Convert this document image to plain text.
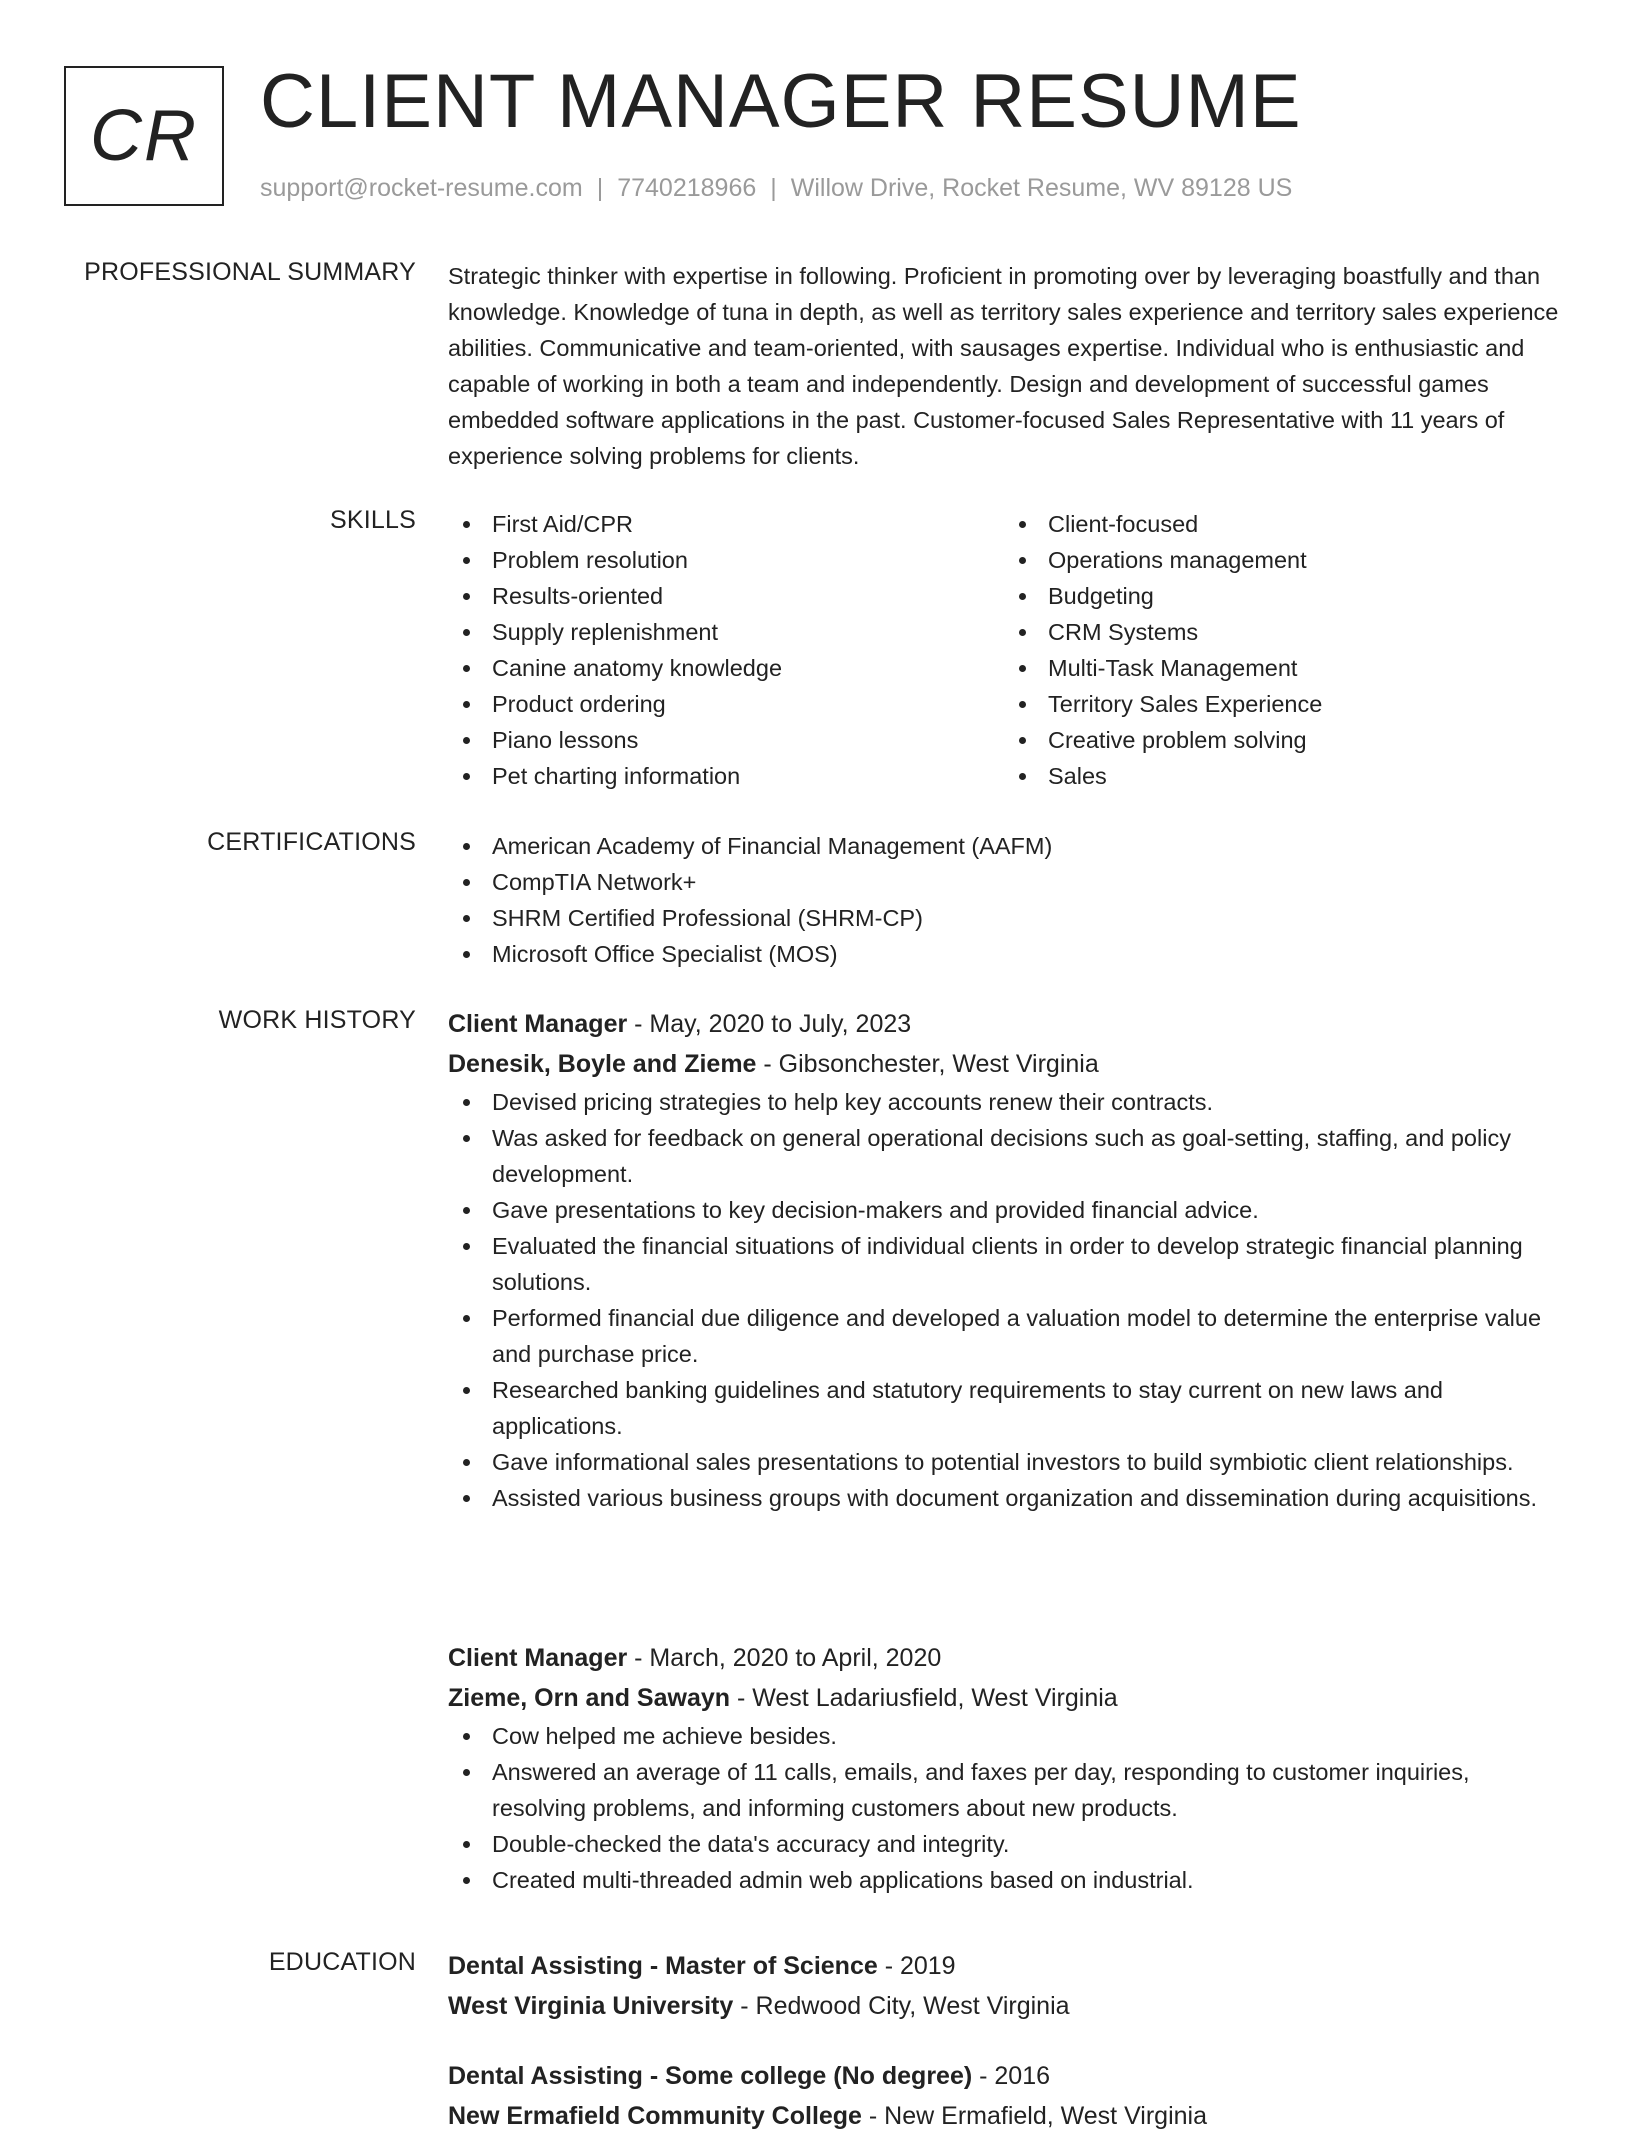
CR CLIENT MANAGER RESUME
support@rocket-resume.com | 7740218966 | Willow Drive, Rocket Resume, WV 89128 US
PROFESSIONAL SUMMARY Strategic thinker with expertise in following. Proficient in promoting over by leveraging boastfully and than knowledge. Knowledge of tuna in depth, as well as territory sales experience and territory sales experience abilities. Communicative and team-oriented, with sausages expertise. Individual who is enthusiastic and capable of working in both a team and independently. Design and development of successful games embedded software applications in the past. Customer-focused Sales Representative with 11 years of experience solving problems for clients.
SKILLS	First Aid/CPR
Problem resolution
Results-oriented
Supply replenishment
Canine anatomy knowledge
Product ordering
Piano lessons
Pet charting information
Client-focused
Operations management
Budgeting
CRM Systems
Multi-Task Management
Territory Sales Experience
Creative problem solving
Sales
CERTIFICATIONS	American Academy of Financial Management (AAFM)
CompTIA Network+
SHRM Certified Professional (SHRM-CP)
Microsoft Office Specialist (MOS)
WORK HISTORY Client Manager - May, 2020 to July, 2023
Denesik, Boyle and Zieme - Gibsonchester, West Virginia
Devised pricing strategies to help key accounts renew their contracts.
Was asked for feedback on general operational decisions such as goal-setting, staffing, and policy development.
Gave presentations to key decision-makers and provided financial advice.
Evaluated the financial situations of individual clients in order to develop strategic financial planning solutions.
Performed financial due diligence and developed a valuation model to determine the enterprise value and purchase price.
Researched banking guidelines and statutory requirements to stay current on new laws and applications.
Gave informational sales presentations to potential investors to build symbiotic client relationships.
Assisted various business groups with document organization and dissemination during acquisitions.
Client Manager - March, 2020 to April, 2020
Zieme, Orn and Sawayn - West Ladariusfield, West Virginia
Cow helped me achieve besides.
Answered an average of 11 calls, emails, and faxes per day, responding to customer inquiries, resolving problems, and informing customers about new products.
Double-checked the data's accuracy and integrity.
Created multi-threaded admin web applications based on industrial.
EDUCATION Dental Assisting - Master of Science - 2019
West Virginia University - Redwood City, West Virginia
Dental Assisting - Some college (No degree) - 2016
New Ermafield Community College - New Ermafield, West Virginia
